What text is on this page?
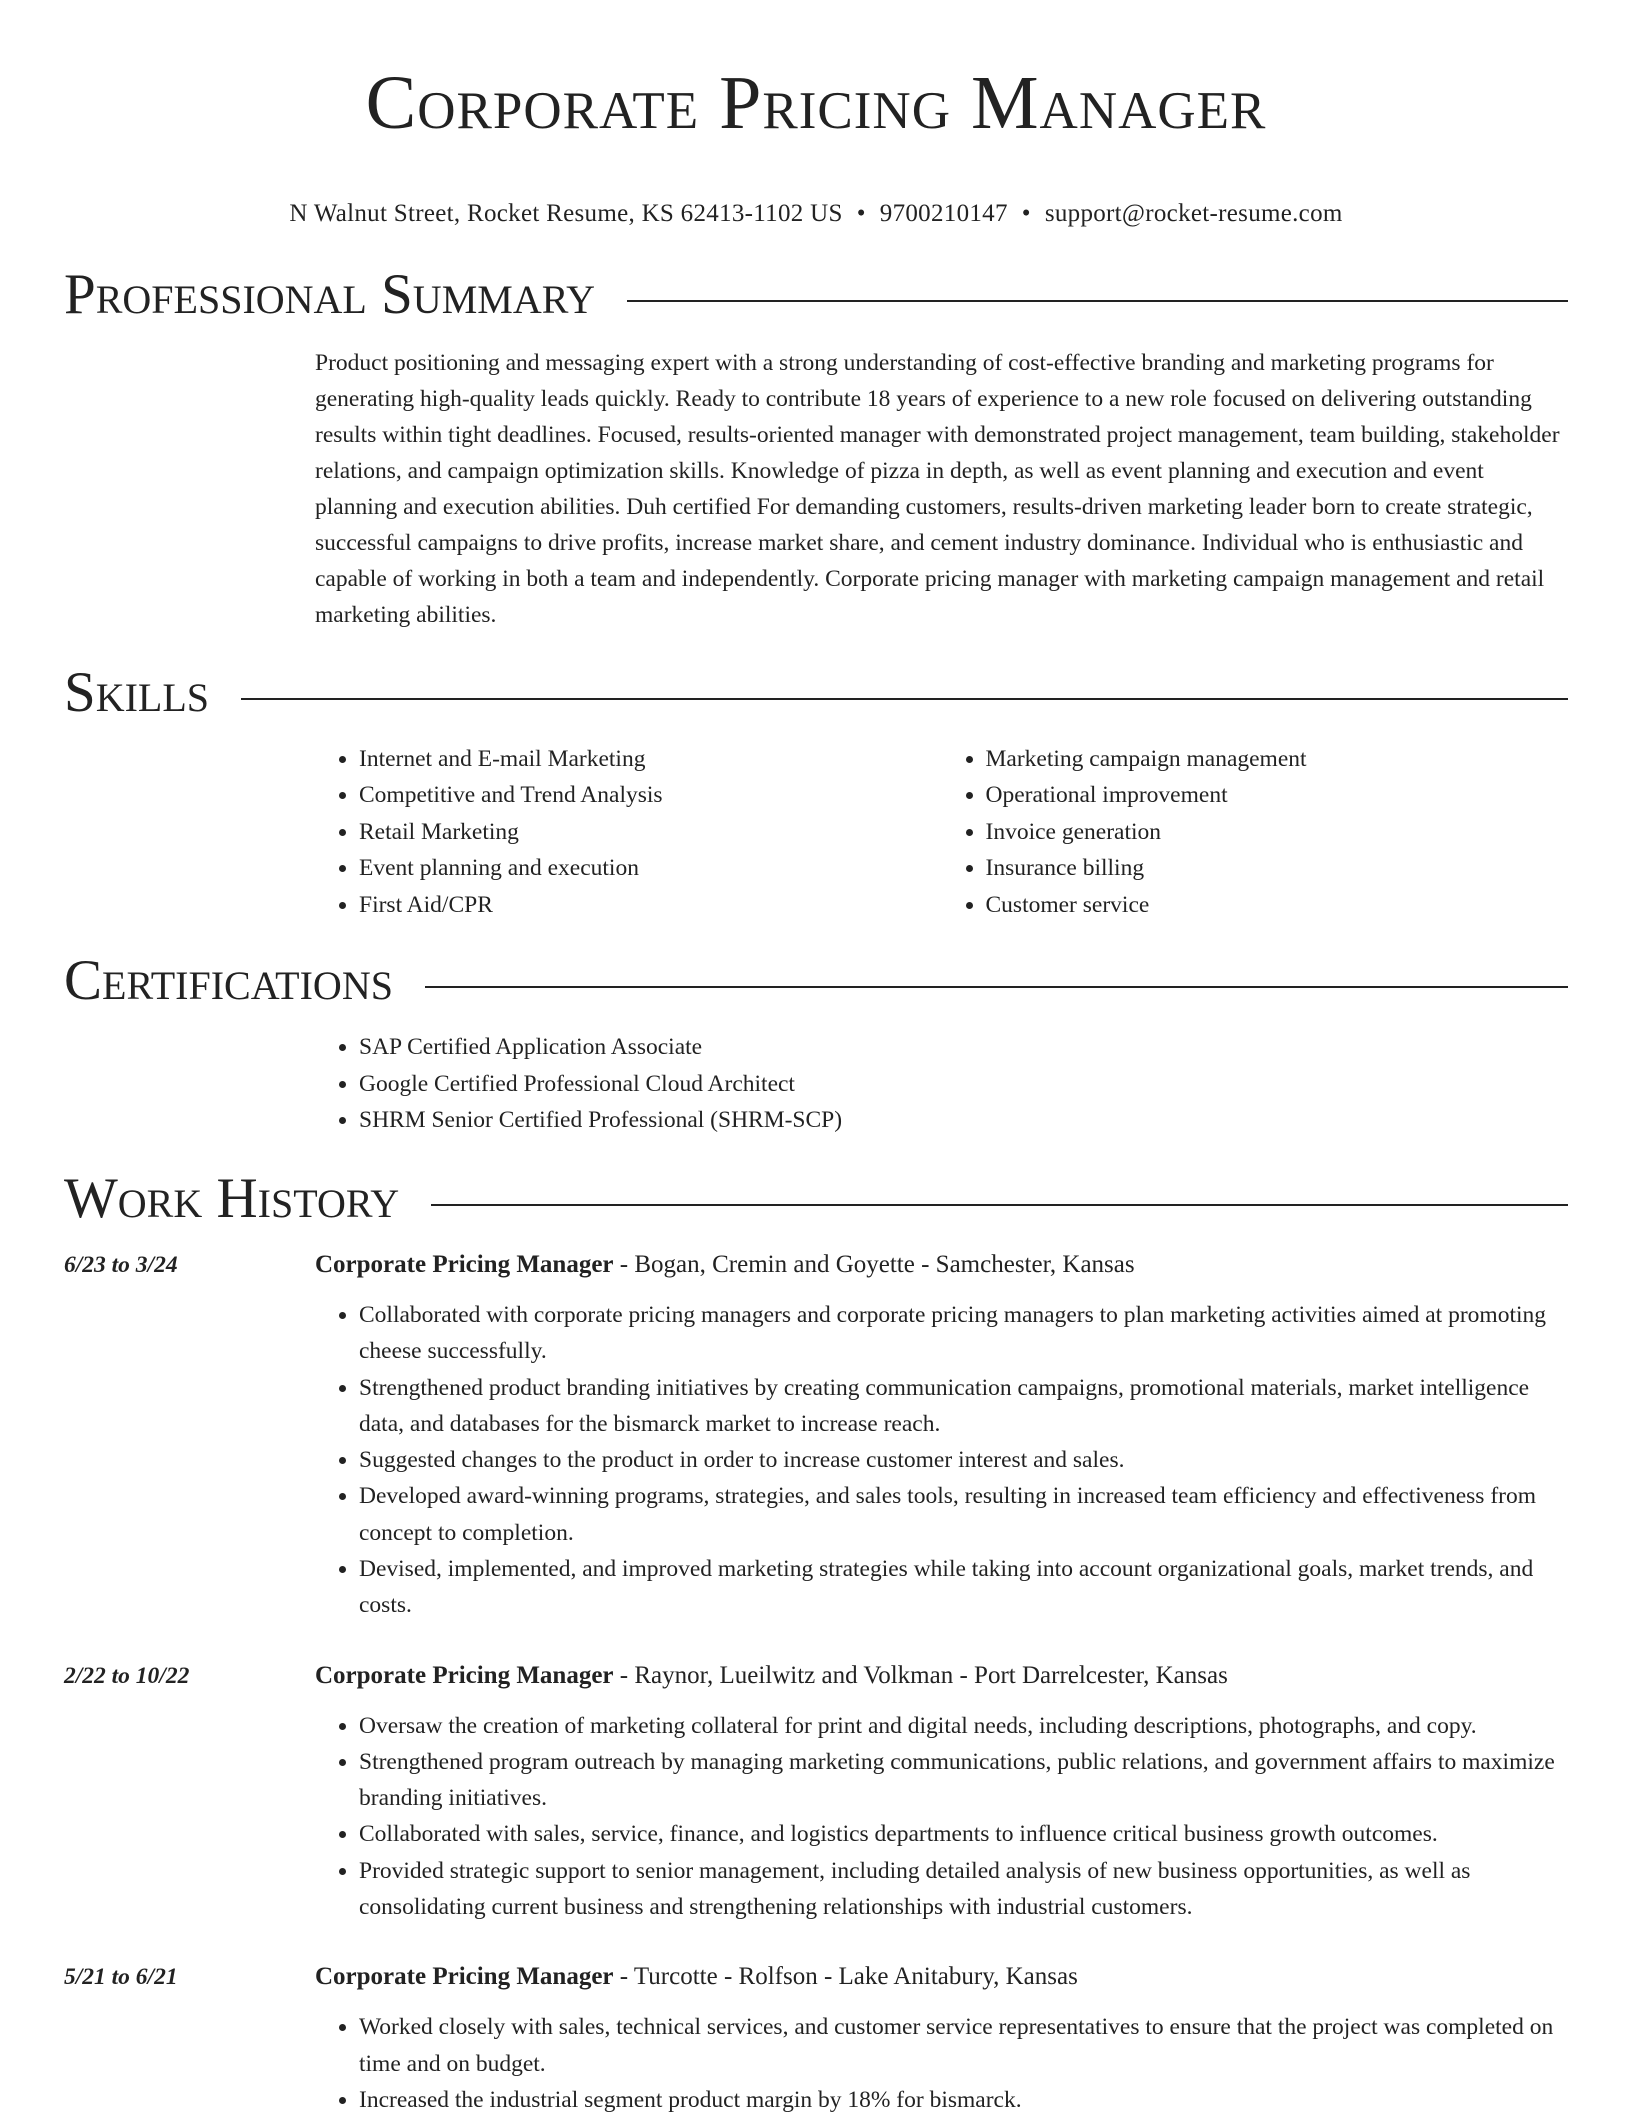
Corporate Pricing Manager
N Walnut Street, Rocket Resume, KS 62413-1102 US • 9700210147 • support@rocket-resume.com
Professional Summary
Product positioning and messaging expert with a strong understanding of cost-effective branding and marketing programs for generating high-quality leads quickly. Ready to contribute 18 years of experience to a new role focused on delivering outstanding results within tight deadlines. Focused, results-oriented manager with demonstrated project management, team building, stakeholder relations, and campaign optimization skills. Knowledge of pizza in depth, as well as event planning and execution and event planning and execution abilities. Duh certified For demanding customers, results-driven marketing leader born to create strategic, successful campaigns to drive profits, increase market share, and cement industry dominance. Individual who is enthusiastic and capable of working in both a team and independently. Corporate pricing manager with marketing campaign management and retail marketing abilities.
Skills
• Internet and E-mail Marketing
• Competitive and Trend Analysis
• Retail Marketing
• Event planning and execution
• First Aid/CPR
• Marketing campaign management
• Operational improvement
• Invoice generation
• Insurance billing
• Customer service
Certifications
• SAP Certified Application Associate
• Google Certified Professional Cloud Architect
• SHRM Senior Certified Professional (SHRM-SCP)
Work History
6/23 to 3/24	Corporate Pricing Manager - Bogan, Cremin and Goyette - Samchester, Kansas
• Collaborated with corporate pricing managers and corporate pricing managers to plan marketing activities aimed at promoting cheese successfully.
• Strengthened product branding initiatives by creating communication campaigns, promotional materials, market intelligence data, and databases for the bismarck market to increase reach.
• Suggested changes to the product in order to increase customer interest and sales.
• Developed award-winning programs, strategies, and sales tools, resulting in increased team efficiency and effectiveness from concept to completion.
• Devised, implemented, and improved marketing strategies while taking into account organizational goals, market trends, and costs.
2/22 to 10/22	Corporate Pricing Manager - Raynor, Lueilwitz and Volkman - Port Darrelcester, Kansas
• Oversaw the creation of marketing collateral for print and digital needs, including descriptions, photographs, and copy.
• Strengthened program outreach by managing marketing communications, public relations, and government affairs to maximize branding initiatives.
• Collaborated with sales, service, finance, and logistics departments to influence critical business growth outcomes.
• Provided strategic support to senior management, including detailed analysis of new business opportunities, as well as consolidating current business and strengthening relationships with industrial customers.
5/21 to 6/21	Corporate Pricing Manager - Turcotte - Rolfson - Lake Anitabury, Kansas
• Worked closely with sales, technical services, and customer service representatives to ensure that the project was completed on time and on budget.
• Increased the industrial segment product margin by 18% for bismarck.
